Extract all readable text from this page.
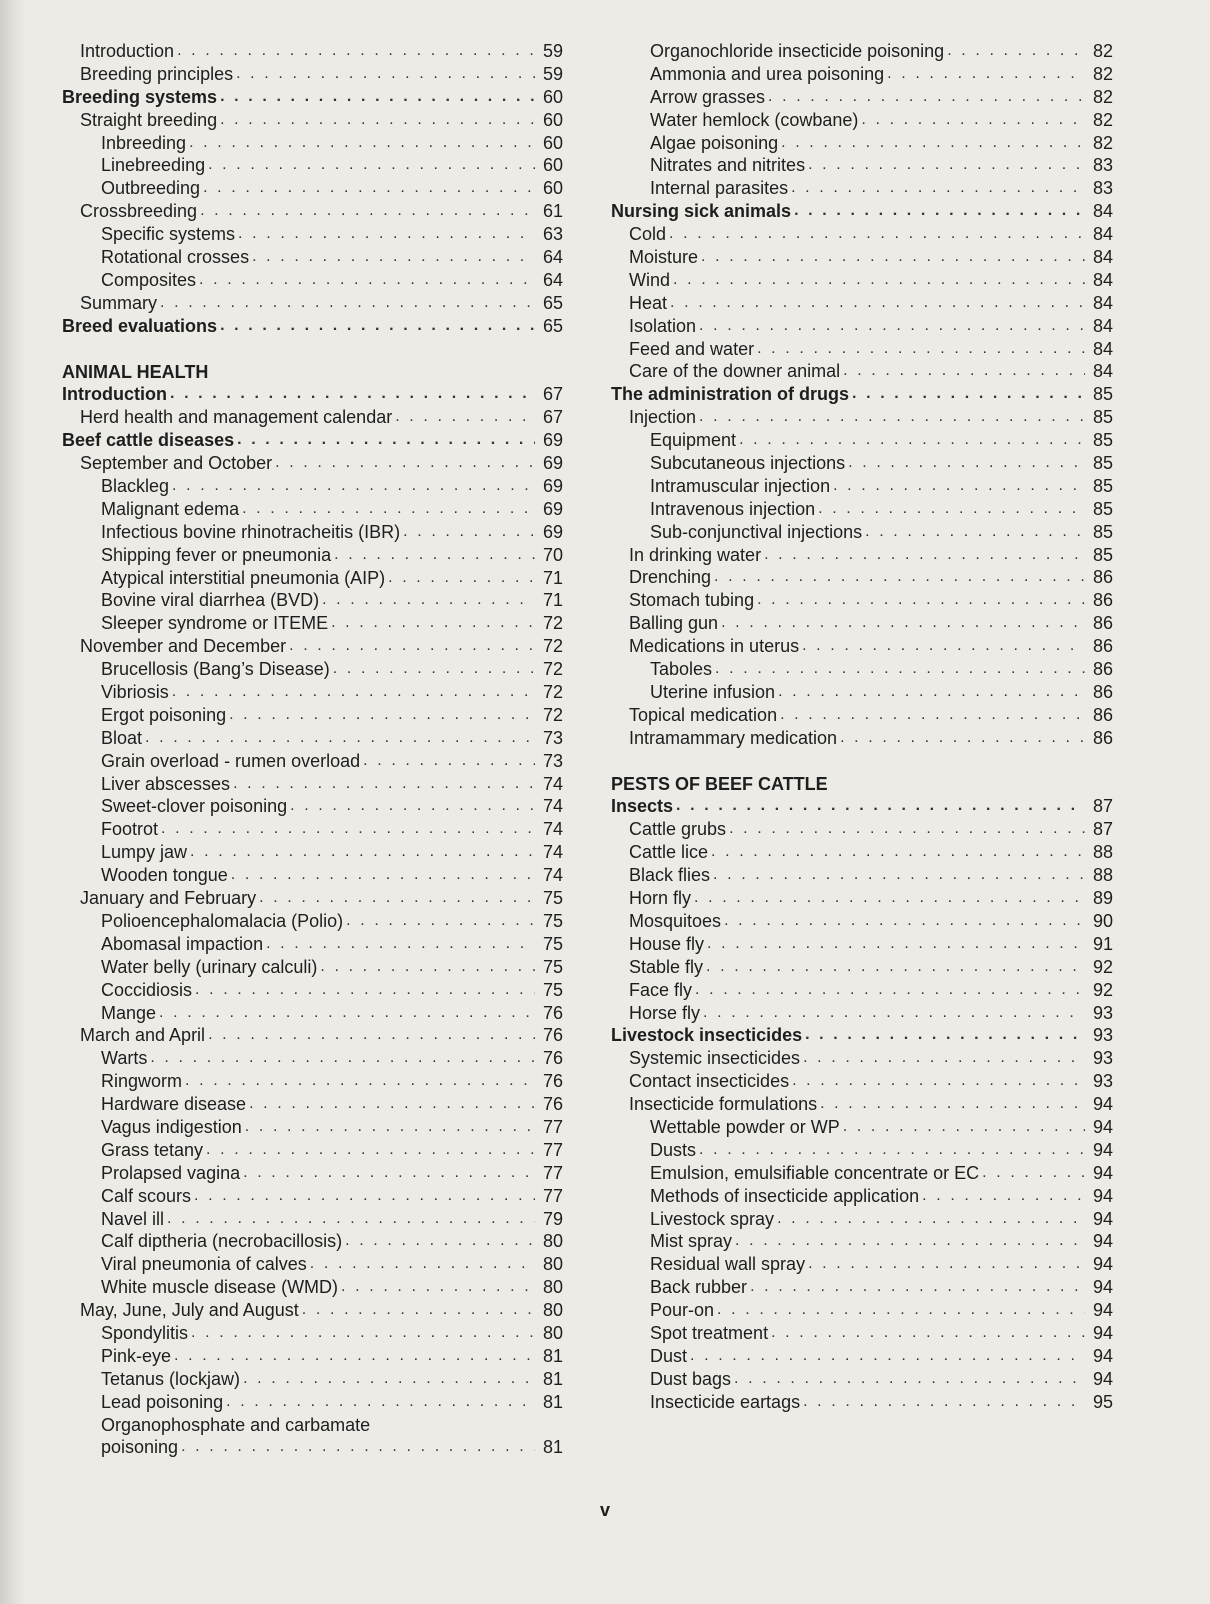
Introduction . . .	59
Breeding principles . . .	59
Breeding systems . . .	60
Straight breeding . . .	60
Inbreeding . . .	60
Linebreeding . . .	60
Outbreeding . . .	60
Crossbreeding . . .	61
Specific systems . . .	63
Rotational crosses . . .	64
Composites . . .	64
Summary . . .	65
Breed evaluations . . .	65
ANIMAL HEALTH
Introduction . . .	67
Herd health and management calendar . . .	67
Beef cattle diseases . . .	69
September and October . . .	69
Blackleg . . .	69
Malignant edema . . .	69
Infectious bovine rhinotracheitis (IBR) . . .	69
Shipping fever or pneumonia . . .	70
Atypical interstitial pneumonia (AIP) . . .	71
Bovine viral diarrhea (BVD) . . .	71
Sleeper syndrome or ITEME . . .	72
November and December . . .	72
Brucellosis (Bang’s Disease) . . .	72
Vibriosis . . .	72
Ergot poisoning . . .	72
Bloat . . .	73
Grain overload - rumen overload . . .	73
Liver abscesses . . .	74
Sweet-clover poisoning . . .	74
Footrot . . .	74
Lumpy jaw . . .	74
Wooden tongue . . .	74
January and February . . .	75
Polioencephalomalacia (Polio) . . .	75
Abomasal impaction . . .	75
Water belly (urinary calculi) . . .	75
Coccidiosis . . .	75
Mange . . .	76
March and April . . .	76
Warts . . .	76
Ringworm . . .	76
Hardware disease . . .	76
Vagus indigestion . . .	77
Grass tetany . . .	77
Prolapsed vagina . . .	77
Calf scours . . .	77
Navel ill . . .	79
Calf diptheria (necrobacillosis) . . .	80
Viral pneumonia of calves . . .	80
White muscle disease (WMD) . . .	80
May, June, July and August . . .	80
Spondylitis . . .	80
Pink-eye . . .	81
Tetanus (lockjaw) . . .	81
Lead poisoning . . .	81
Organophosphate and carbamate
poisoning . . .	81
Organochloride insecticide poisoning . . .	82
Ammonia and urea poisoning . . .	82
Arrow grasses . . .	82
Water hemlock (cowbane) . . .	82
Algae poisoning . . .	82
Nitrates and nitrites . . .	83
Internal parasites . . .	83
Nursing sick animals . . .	84
Cold . . .	84
Moisture . . .	84
Wind . . .	84
Heat . . .	84
Isolation . . .	84
Feed and water . . .	84
Care of the downer animal . . .	84
The administration of drugs . . .	85
Injection . . .	85
Equipment . . .	85
Subcutaneous injections . . .	85
Intramuscular injection . . .	85
Intravenous injection . . .	85
Sub-conjunctival injections . . .	85
In drinking water . . .	85
Drenching . . .	86
Stomach tubing . . .	86
Balling gun . . .	86
Medications in uterus . . .	86
Taboles . . .	86
Uterine infusion . . .	86
Topical medication . . .	86
Intramammary medication . . .	86
PESTS OF BEEF CATTLE
Insects . . .	87
Cattle grubs . . .	87
Cattle lice . . .	88
Black flies . . .	88
Horn fly . . .	89
Mosquitoes . . .	90
House fly . . .	91
Stable fly . . .	92
Face fly . . .	92
Horse fly . . .	93
Livestock insecticides . . .	93
Systemic insecticides . . .	93
Contact insecticides . . .	93
Insecticide formulations . . .	94
Wettable powder or WP . . .	94
Dusts . . .	94
Emulsion, emulsifiable concentrate or EC . . .	94
Methods of insecticide application . . .	94
Livestock spray . . .	94
Mist spray . . .	94
Residual wall spray . . .	94
Back rubber . . .	94
Pour-on . . .	94
Spot treatment . . .	94
Dust . . .	94
Dust bags . . .	94
Insecticide eartags . . .	95
v
